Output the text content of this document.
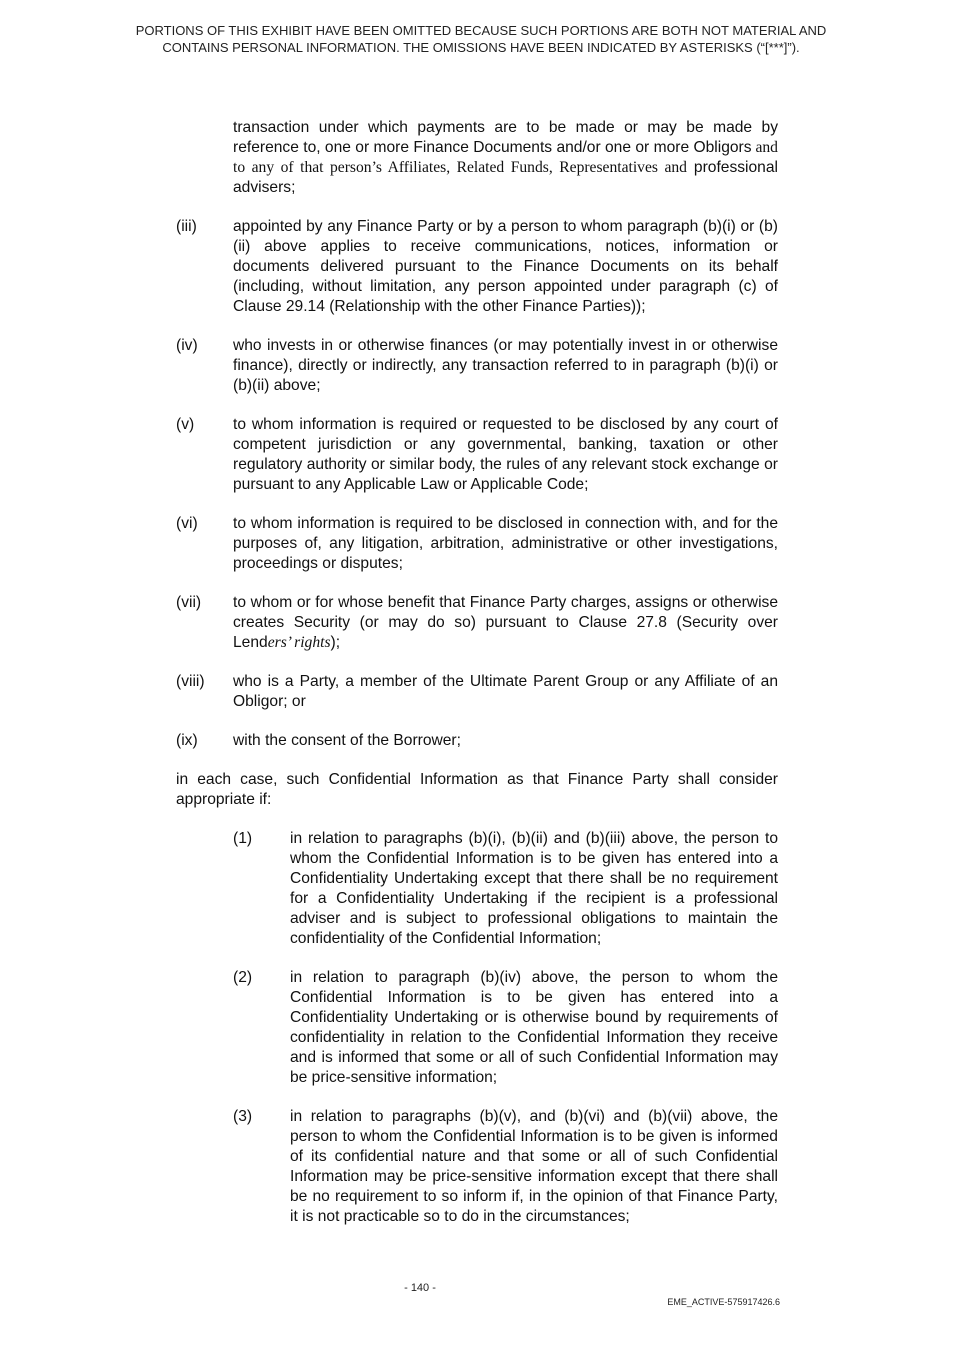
PORTIONS OF THIS EXHIBIT HAVE BEEN OMITTED BECAUSE SUCH PORTIONS ARE BOTH NOT MATERIAL AND CONTAINS PERSONAL INFORMATION. THE OMISSIONS HAVE BEEN INDICATED BY ASTERISKS (“[***]”).

transaction under which payments are to be made or may be made by reference to, one or more Finance Documents and/or one or more Obligors and to any of that person’s Affiliates, Related Funds, Representatives and professional advisers;

(iii) appointed by any Finance Party or by a person to whom paragraph (b)(i) or (b)(ii) above applies to receive communications, notices, information or documents delivered pursuant to the Finance Documents on its behalf (including, without limitation, any person appointed under paragraph (c) of Clause 29.14 (Relationship with the other Finance Parties));
(iv) who invests in or otherwise finances (or may potentially invest in or otherwise finance), directly or indirectly, any transaction referred to in paragraph (b)(i) or (b)(ii) above;
(v) to whom information is required or requested to be disclosed by any court of competent jurisdiction or any governmental, banking, taxation or other regulatory authority or similar body, the rules of any relevant stock exchange or pursuant to any Applicable Law or Applicable Code;
(vi) to whom information is required to be disclosed in connection with, and for the purposes of, any litigation, arbitration, administrative or other investigations, proceedings or disputes;
(vii) to whom or for whose benefit that Finance Party charges, assigns or otherwise creates Security (or may do so) pursuant to Clause 27.8 (Security over Lenders’ rights);
(viii) who is a Party, a member of the Ultimate Parent Group or any Affiliate of an Obligor; or
(ix) with the consent of the Borrower;

in each case, such Confidential Information as that Finance Party shall consider appropriate if:

(1) in relation to paragraphs (b)(i), (b)(ii) and (b)(iii) above, the person to whom the Confidential Information is to be given has entered into a Confidentiality Undertaking except that there shall be no requirement for a Confidentiality Undertaking if the recipient is a professional adviser and is subject to professional obligations to maintain the confidentiality of the Confidential Information;
(2) in relation to paragraph (b)(iv) above, the person to whom the Confidential Information is to be given has entered into a Confidentiality Undertaking or is otherwise bound by requirements of confidentiality in relation to the Confidential Information they receive and is informed that some or all of such Confidential Information may be price-sensitive information;
(3) in relation to paragraphs (b)(v), and (b)(vi) and (b)(vii) above, the person to whom the Confidential Information is to be given is informed of its confidential nature and that some or all of such Confidential Information may be price-sensitive information except that there shall be no requirement to so inform if, in the opinion of that Finance Party, it is not practicable so to do in the circumstances;
- 140 -
EME_ACTIVE-575917426.6
